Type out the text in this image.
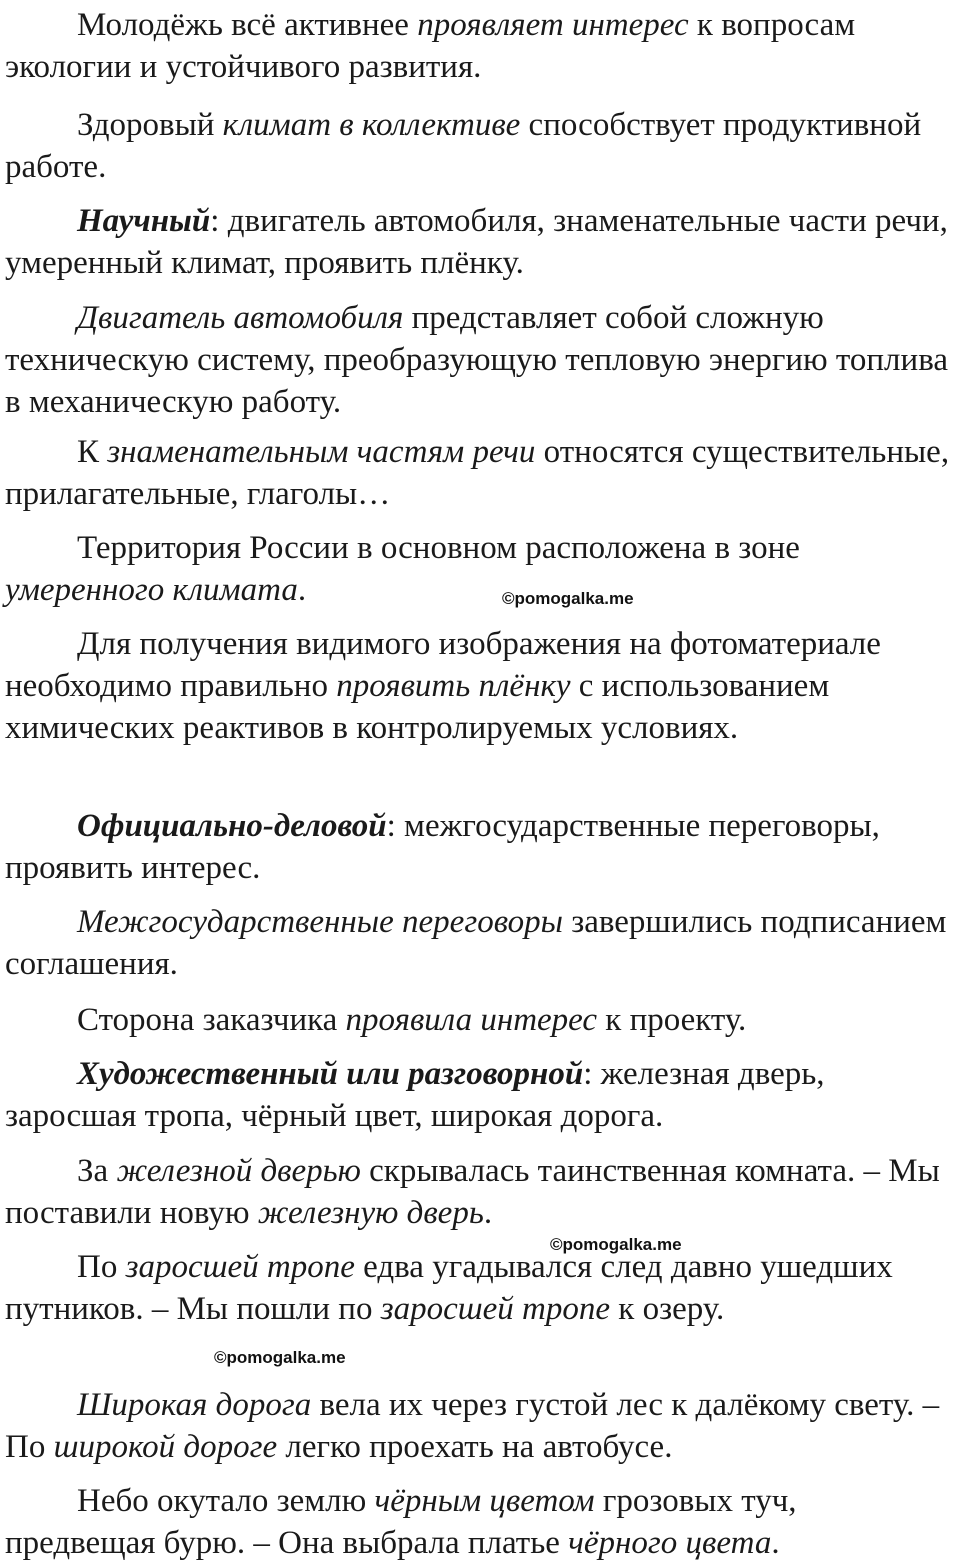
Молодёжь всё активнее проявляет интерес к вопросам экологии и устойчивого развития.

Здоровый климат в коллективе способствует продуктивной работе.

Научный: двигатель автомобиля, знаменательные части речи, умеренный климат, проявить плёнку.

Двигатель автомобиля представляет собой сложную техническую систему, преобразующую тепловую энергию топлива в механическую работу.

К знаменательным частям речи относятся существительные, прилагательные, глаголы…

Территория России в основном расположена в зоне умеренного климата.

Для получения видимого изображения на фотоматериале необходимо правильно проявить плёнку с использованием химических реактивов в контролируемых условиях.

Официально-деловой: межгосударственные переговоры, проявить интерес.

Межгосударственные переговоры завершились подписанием соглашения.

Сторона заказчика проявила интерес к проекту.

Художественный или разговорной: железная дверь, заросшая тропа, чёрный цвет, широкая дорога.

За железной дверью скрывалась таинственная комната. – Мы поставили новую железную дверь.

По заросшей тропе едва угадывался след давно ушедших путников. – Мы пошли по заросшей тропе к озеру.

Широкая дорога вела их через густой лес к далёкому свету. – По широкой дороге легко проехать на автобусе.

Небо окутало землю чёрным цветом грозовых туч, предвещая бурю. – Она выбрала платье чёрного цвета.

©pomogalka.me
©pomogalka.me
©pomogalka.me
